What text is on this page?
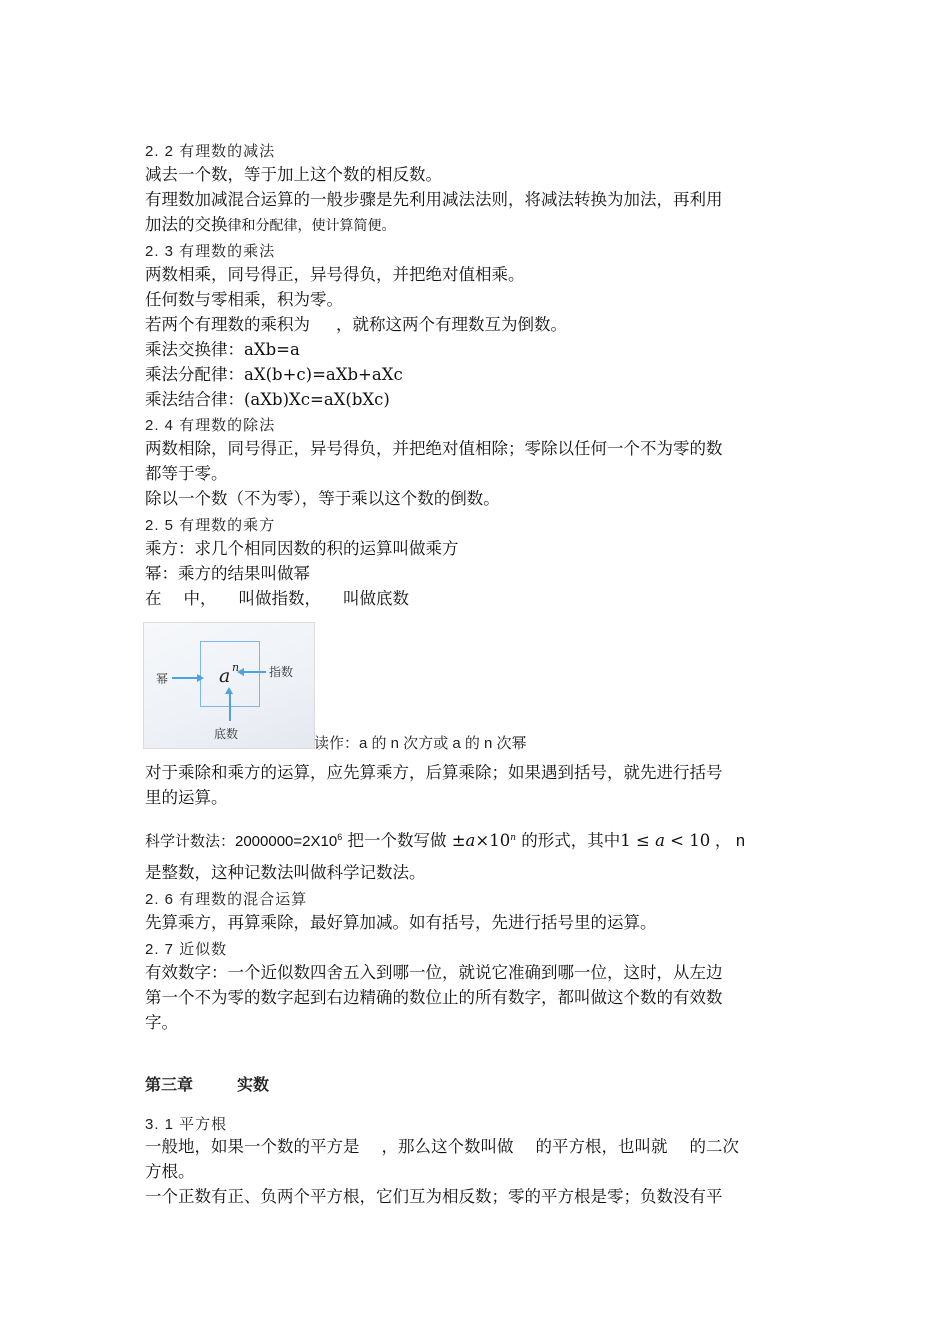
2. 2 有理数的减法
减去一个数，等于加上这个数的相反数。
有理数加减混合运算的一般步骤是先利用减法法则，将减法转换为加法，再利用
加法的交换律和分配律，使计算简便。
2. 3 有理数的乘法
两数相乘，同号得正，异号得负，并把绝对值相乘。
任何数与零相乘，积为零。
若两个有理数的乘积为 ，就称这两个有理数互为倒数。
乘法交换律：aXb=a
乘法分配律：aX(b+c)=aXb+aXc
乘法结合律：(aXb)Xc=aX(bXc)
2. 4 有理数的除法
两数相除，同号得正，异号得负，并把绝对值相除；零除以任何一个不为零的数
都等于零。
除以一个数（不为零），等于乘以这个数的倒数。
2. 5 有理数的乘方
乘方：求几个相同因数的积的运算叫做乘方
幂：乘方的结果叫做幂
在 中， 叫做指数， 叫做底数
a n
幂	指数
底数
读作：a 的 n 次方或 a 的 n 次幂
对于乘除和乘方的运算，应先算乘方，后算乘除；如果遇到括号，就先进行括号
里的运算。
科学计数法：$2000000=2X10^6$ 把一个数写做 $\pm a\times 10^n$ 的形式，其中1 ≤ a < 10 ， n
是整数，这种记数法叫做科学记数法。
2. 6 有理数的混合运算
先算乘方，再算乘除，最好算加减。如有括号，先进行括号里的运算。
2. 7 近似数
有效数字：一个近似数四舍五入到哪一位，就说它准确到哪一位，这时，从左边
第一个不为零的数字起到右边精确的数位止的所有数字，都叫做这个数的有效数
字。
第三章	实数
3. 1 平方根
一般地，如果一个数的平方是 ，那么这个数叫做 的平方根，也叫就 的二次
方根。
一个正数有正、负两个平方根，它们互为相反数；零的平方根是零；负数没有平
